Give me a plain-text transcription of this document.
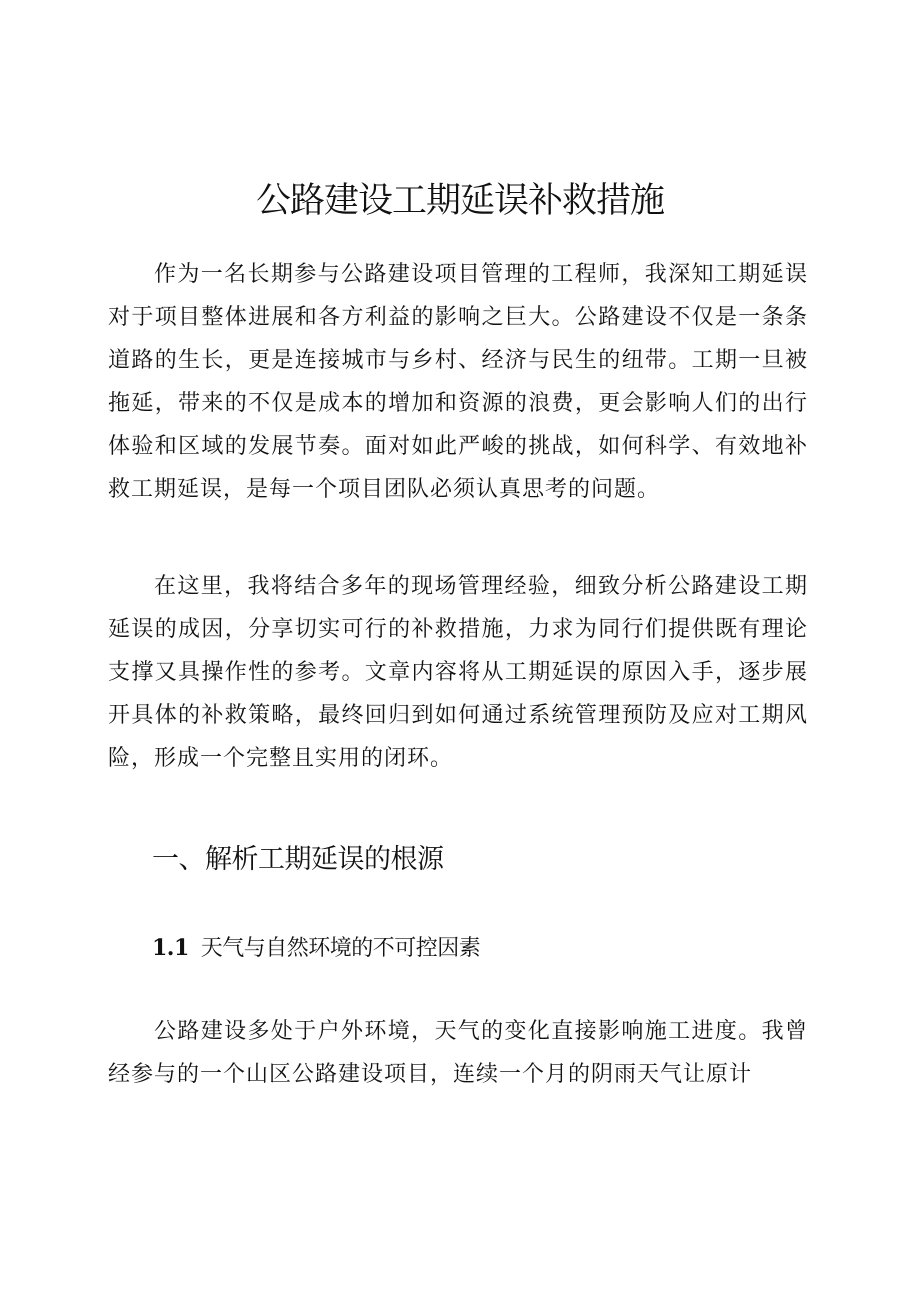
公路建设工期延误补救措施

作为一名长期参与公路建设项目管理的工程师，我深知工期延误对于项目整体进展和各方利益的影响之巨大。公路建设不仅是一条条道路的生长，更是连接城市与乡村、经济与民生的纽带。工期一旦被拖延，带来的不仅是成本的增加和资源的浪费，更会影响人们的出行体验和区域的发展节奏。面对如此严峻的挑战，如何科学、有效地补救工期延误，是每一个项目团队必须认真思考的问题。

在这里，我将结合多年的现场管理经验，细致分析公路建设工期延误的成因，分享切实可行的补救措施，力求为同行们提供既有理论支撑又具操作性的参考。文章内容将从工期延误的原因入手，逐步展开具体的补救策略，最终回归到如何通过系统管理预防及应对工期风险，形成一个完整且实用的闭环。

一、解析工期延误的根源
1.1 天气与自然环境的不可控因素

公路建设多处于户外环境，天气的变化直接影响施工进度。我曾经参与的一个山区公路建设项目，连续一个月的阴雨天气让原计
